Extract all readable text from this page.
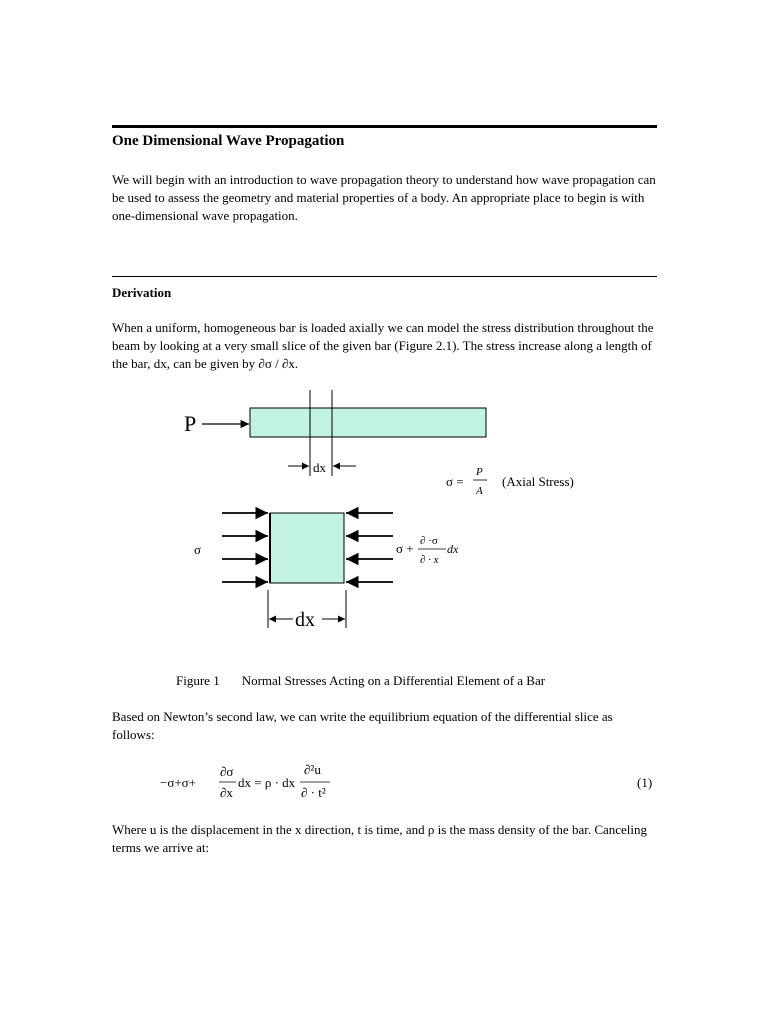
One Dimensional Wave Propagation
We will begin with an introduction to wave propagation theory to understand how wave propagation can be used to assess the geometry and material properties of a body. An appropriate place to begin is with one-dimensional wave propagation.
Derivation
When a uniform, homogeneous bar is loaded axially we can model the stress distribution throughout the beam by looking at a very small slice of the given bar (Figure 2.1). The stress increase along a length of the bar, dx, can be given by ∂σ / ∂x.
P
dx
σ =
P
A
(Axial Stress)
σ	σ + ∂ ·σ
∂ · x
dx
dx
−σ+σ+
∂σ
∂x
dx = ρ · dx
∂²u
∂ · t²
Figure 1 Normal Stresses Acting on a Differential Element of a Bar
Based on Newton’s second law, we can write the equilibrium equation of the differential slice as follows:
(1)
Where u is the displacement in the x direction, t is time, and ρ is the mass density of the bar. Canceling terms we arrive at:
